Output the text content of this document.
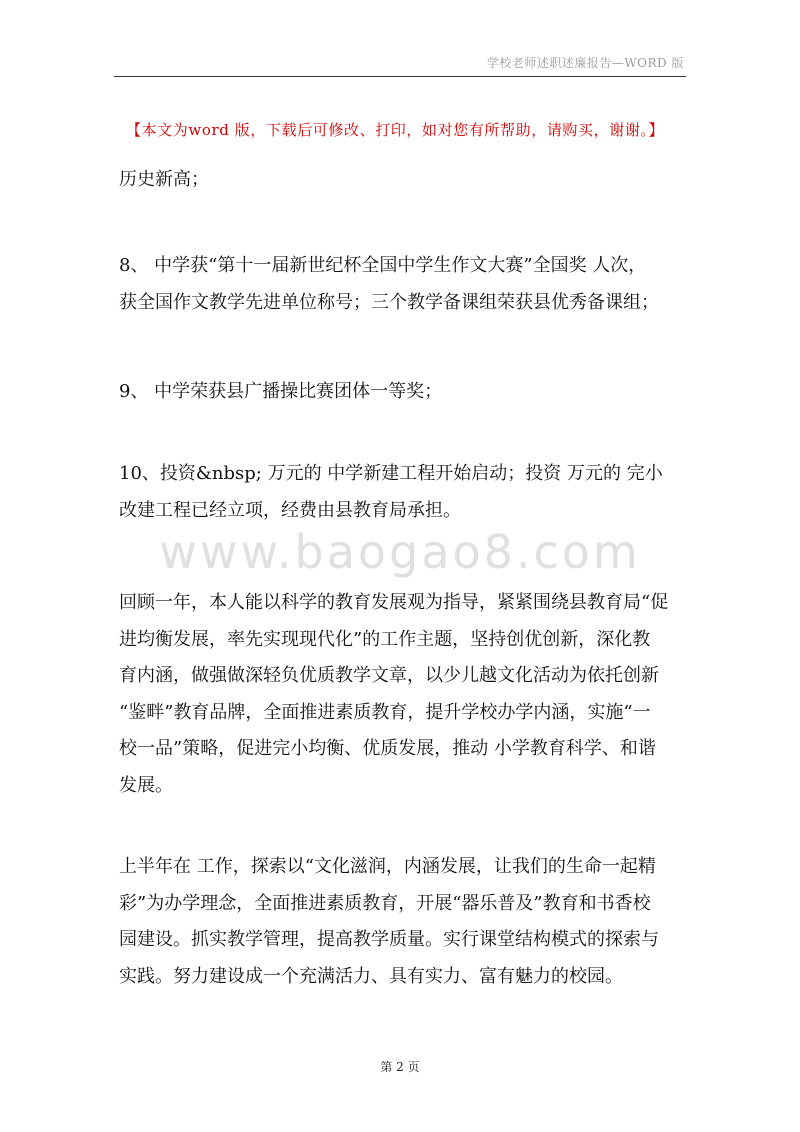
学校老师述职述廉报告—WORD 版
【本文为word 版，下载后可修改、打印，如对您有所帮助，请购买，谢谢。】
历史新高；
8、 中学获“第十一届新世纪杯全国中学生作文大赛”全国奖 人次，
获全国作文教学先进单位称号；三个教学备课组荣获县优秀备课组；
9、 中学荣获县广播操比赛团体一等奖；
10、投资&nbsp; 万元的 中学新建工程开始启动；投资 万元的 完小
改建工程已经立项，经费由县教育局承担。
www.baogao8.com
回顾一年，本人能以科学的教育发展观为指导，紧紧围绕县教育局“促
进均衡发展，率先实现现代化”的工作主题，坚持创优创新，深化教
育内涵，做强做深轻负优质教学文章，以少儿越文化活动为依托创新
“鉴畔”教育品牌，全面推进素质教育，提升学校办学内涵，实施“一
校一品”策略，促进完小均衡、优质发展，推动 小学教育科学、和谐
发展。
上半年在 工作，探索以“文化滋润，内涵发展，让我们的生命一起精
彩”为办学理念，全面推进素质教育，开展“器乐普及”教育和书香校
园建设。抓实教学管理，提高教学质量。实行课堂结构模式的探索与
实践。努力建设成一个充满活力、具有实力、富有魅力的校园。
第 2 页
